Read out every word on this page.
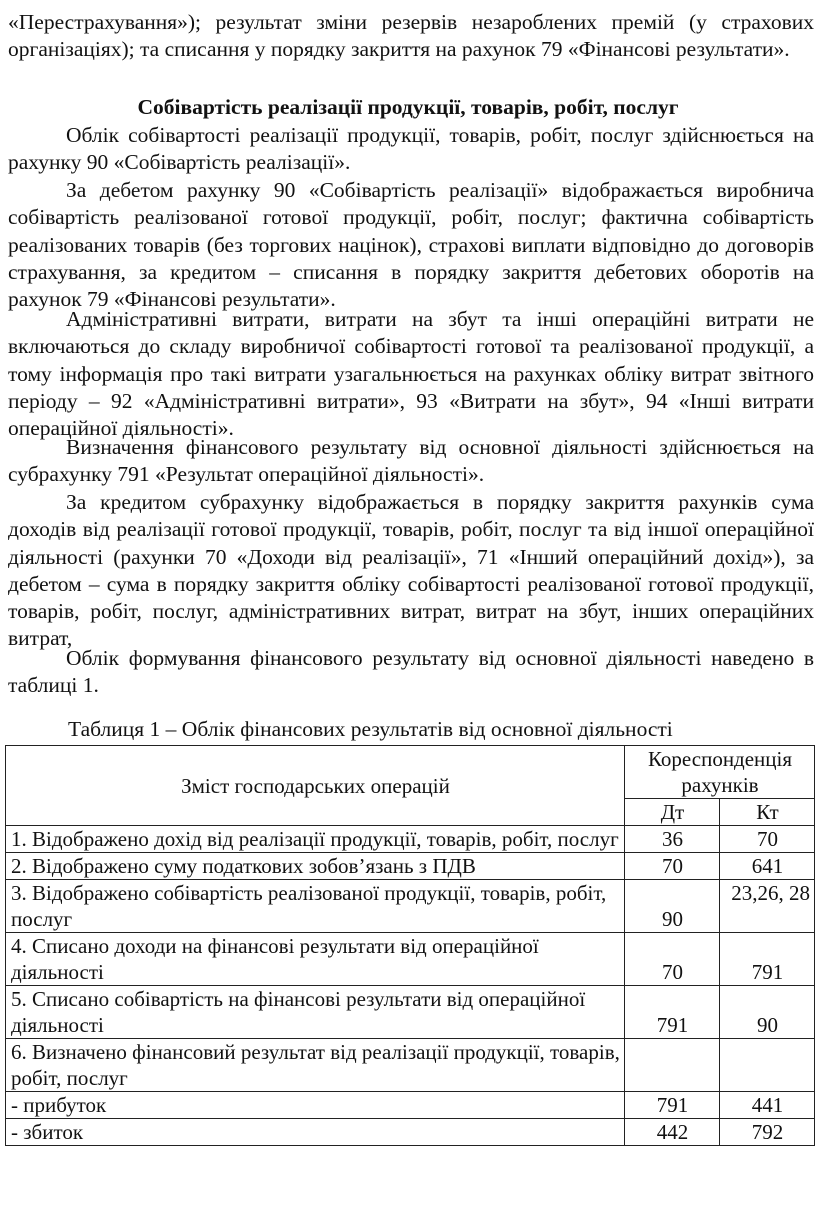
«Перестрахування»); результат зміни резервів незароблених премій (у страхових організаціях); та списання у порядку закриття на рахунок 79 «Фінансові результати».

Собівартість реалізації продукції, товарів, робіт, послуг

Облік собівартості реалізації продукції, товарів, робіт, послуг здійснюється на рахунку 90 «Собівартість реалізації».

За дебетом рахунку 90 «Собівартість реалізації» відображається виробнича собівартість реалізованої готової продукції, робіт, послуг; фактична собівартість реалізованих товарів (без торгових націнок), страхові виплати відповідно до договорів страхування, за кредитом – списання в порядку закриття дебетових оборотів на рахунок 79 «Фінансові результати».

Адміністративні витрати, витрати на збут та інші операційні витрати не включаються до складу виробничої собівартості готової та реалізованої продукції, а тому інформація про такі витрати узагальнюється на рахунках обліку витрат звітного періоду – 92 «Адміністративні витрати», 93 «Витрати на збут», 94 «Інші витрати операційної діяльності».

Визначення фінансового результату від основної діяльності здійснюється на субрахунку 791 «Результат операційної діяльності».

За кредитом субрахунку відображається в порядку закриття рахунків сума доходів від реалізації готової продукції, товарів, робіт, послуг та від іншої операційної діяльності (рахунки 70 «Доходи від реалізації», 71 «Інший операційний дохід»), за дебетом – сума в порядку закриття обліку собівартості реалізованої готової продукції, товарів, робіт, послуг, адміністративних витрат, витрат на збут, інших операційних витрат,

Облік формування фінансового результату від основної діяльності наведено в таблиці 1.

Таблиця 1 – Облік фінансових результатів від основної діяльності

Зміст господарських операцій	Кореспонденція рахунків	
	Дт	Кт
1. Відображено дохід від реалізації продукції, товарів, робіт, послуг	36	70
2. Відображено суму податкових зобов’язань з ПДВ	70	641
3. Відображено собівартість реалізованої продукції, товарів, робіт, послуг	90	23,26, 28
4. Списано доходи на фінансові результати від операційної діяльності	70	791
5. Списано собівартість на фінансові результати від операційної діяльності	791	90
6. Визначено фінансовий результат від реалізації продукції, товарів, робіт, послуг		
- прибуток	791	441
- збиток	442	792
